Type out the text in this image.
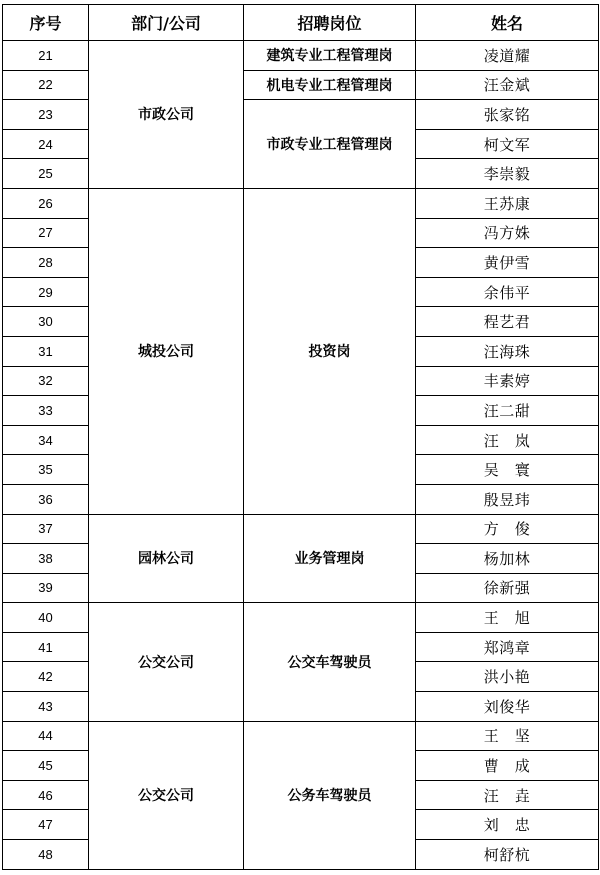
序号	部门/公司	招聘岗位	姓名
21	市政公司	建筑专业工程管理岗	凌道耀
22		机电专业工程管理岗	汪金斌
23		市政专业工程管理岗	张家铭
24			柯文军
25			李崇毅
26	城投公司	投资岗	王苏康
27			冯方姝
28			黄伊雪
29			余伟平
30			程艺君
31			汪海珠
32			丰素婷
33			汪二甜
34			汪　岚
35			吴　寰
36			殷昱玮
37	园林公司	业务管理岗	方　俊
38			杨加林
39			徐新强
40	公交公司	公交车驾驶员	王　旭
41			郑鸿章
42			洪小艳
43			刘俊华
44	公交公司	公务车驾驶员	王　坚
45			曹　成
46			汪　垚
47			刘　忠
48			柯舒杭
